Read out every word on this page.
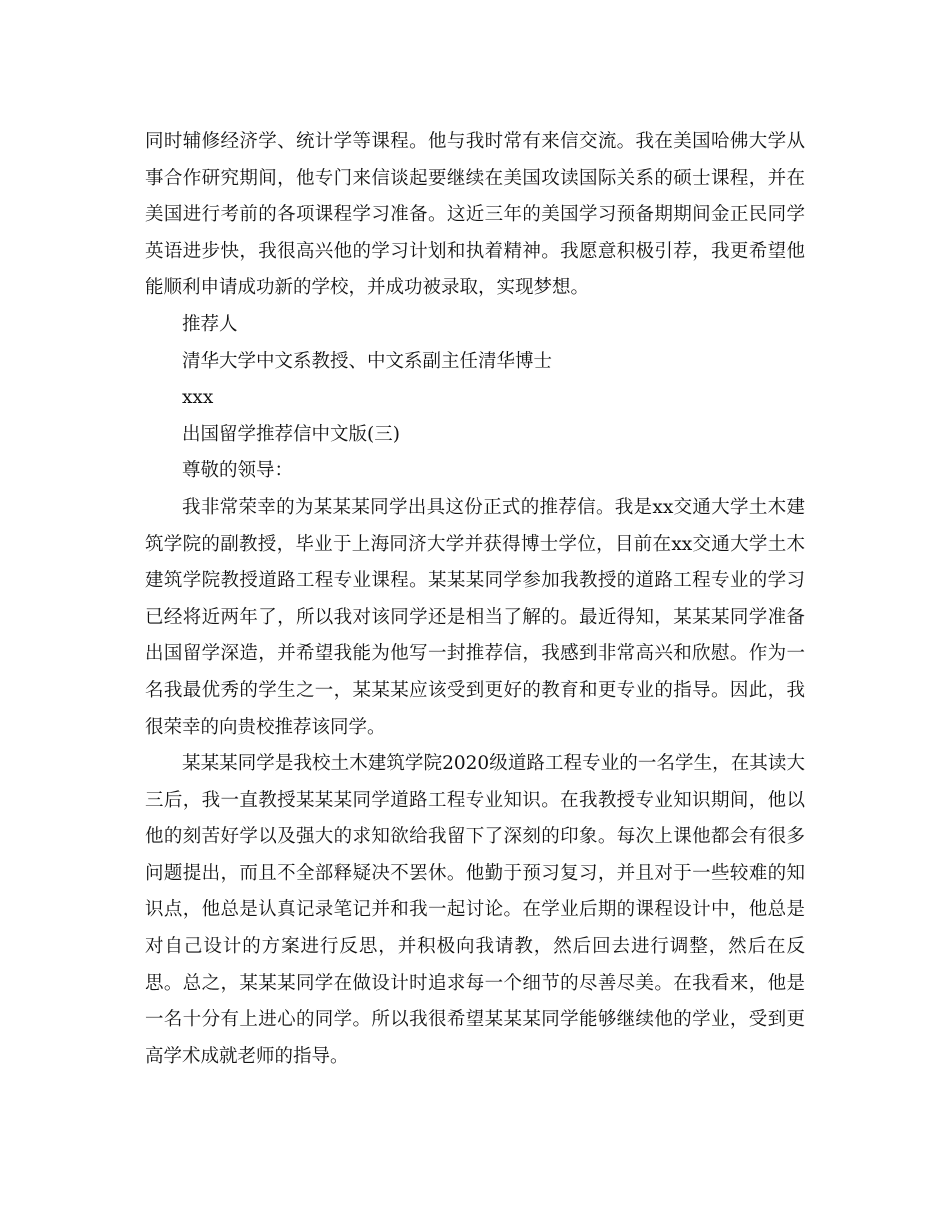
同时辅修经济学、统计学等课程。他与我时常有来信交流。我在美国哈佛大学从事合作研究期间，他专门来信谈起要继续在美国攻读国际关系的硕士课程，并在美国进行考前的各项课程学习准备。这近三年的美国学习预备期期间金正民同学英语进步快，我很高兴他的学习计划和执着精神。我愿意积极引荐，我更希望他能顺利申请成功新的学校，并成功被录取，实现梦想。

推荐人

清华大学中文系教授、中文系副主任清华博士

xxx

出国留学推荐信中文版(三)

尊敬的领导：

我非常荣幸的为某某某同学出具这份正式的推荐信。我是xx交通大学土木建筑学院的副教授，毕业于上海同济大学并获得博士学位，目前在xx交通大学土木建筑学院教授道路工程专业课程。某某某同学参加我教授的道路工程专业的学习已经将近两年了，所以我对该同学还是相当了解的。最近得知，某某某同学准备出国留学深造，并希望我能为他写一封推荐信，我感到非常高兴和欣慰。作为一名我最优秀的学生之一，某某某应该受到更好的教育和更专业的指导。因此，我很荣幸的向贵校推荐该同学。

某某某同学是我校土木建筑学院2020级道路工程专业的一名学生，在其读大三后，我一直教授某某某同学道路工程专业知识。在我教授专业知识期间，他以他的刻苦好学以及强大的求知欲给我留下了深刻的印象。每次上课他都会有很多问题提出，而且不全部释疑决不罢休。他勤于预习复习，并且对于一些较难的知识点，他总是认真记录笔记并和我一起讨论。在学业后期的课程设计中，他总是对自己设计的方案进行反思，并积极向我请教，然后回去进行调整，然后在反思。总之，某某某同学在做设计时追求每一个细节的尽善尽美。在我看来，他是一名十分有上进心的同学。所以我很希望某某某同学能够继续他的学业，受到更高学术成就老师的指导。
